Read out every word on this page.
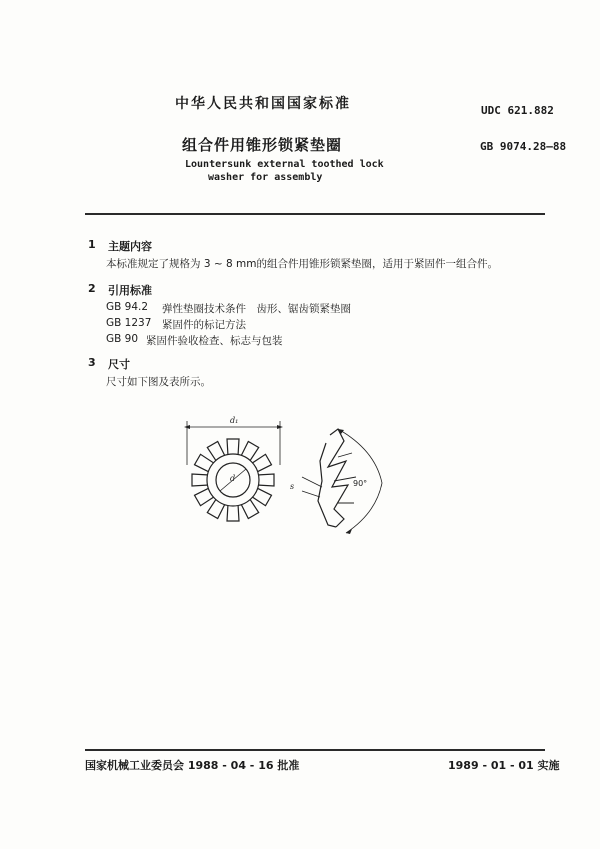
中华人民共和国国家标准	UDC 621.882
组合件用锥形锁紧垫圈	GB 9074.28—88
Lountersunk external toothed lock
washer for assembly
1 主题内容
本标准规定了规格为 3 ~ 8 mm的组合件用锥形锁紧垫圈，适用于紧固件一组合件。
2 引用标准
GB 94.2 弹性垫圈技术条件　齿形、锯齿锁紧垫圈
GB 1237 紧固件的标记方法
GB 90 紧固件验收检查、标志与包装
3 尺寸
尺寸如下图及表所示。
d₁
d
90°
s
国家机械工业委员会 1988 - 04 - 16 批准	1989 - 01 - 01 实施
